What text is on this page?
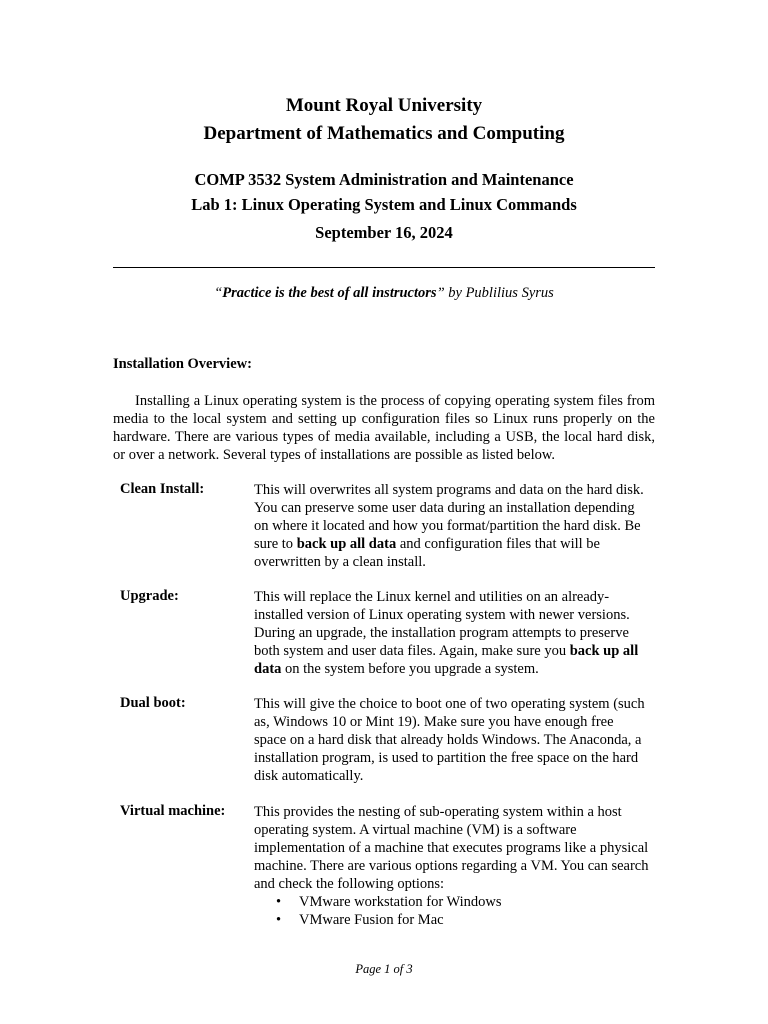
Mount Royal University
Department of Mathematics and Computing
COMP 3532 System Administration and Maintenance
Lab 1: Linux Operating System and Linux Commands
September 16, 2024
“Practice is the best of all instructors” by Publilius Syrus
Installation Overview:

Installing a Linux operating system is the process of copying operating system files from media to the local system and setting up configuration files so Linux runs properly on the hardware. There are various types of media available, including a USB, the local hard disk, or over a network. Several types of installations are possible as listed below.

Clean Install:	This will overwrites all system programs and data on the hard disk. You can preserve some user data during an installation depending on where it located and how you format/partition the hard disk. Be sure to back up all data and configuration files that will be overwritten by a clean install.

Upgrade:	This will replace the Linux kernel and utilities on an already-installed version of Linux operating system with newer versions. During an upgrade, the installation program attempts to preserve both system and user data files. Again, make sure you back up all data on the system before you upgrade a system.

Dual boot:	This will give the choice to boot one of two operating system (such as, Windows 10 or Mint 19). Make sure you have enough free space on a hard disk that already holds Windows. The Anaconda, a installation program, is used to partition the free space on the hard disk automatically.

Virtual machine: This provides the nesting of sub-operating system within a host operating system. A virtual machine (VM) is a software implementation of a machine that executes programs like a physical machine. There are various options regarding a VM. You can search and check the following options:

• VMware workstation for Windows
• VMware Fusion for Mac
Page 1 of 3
